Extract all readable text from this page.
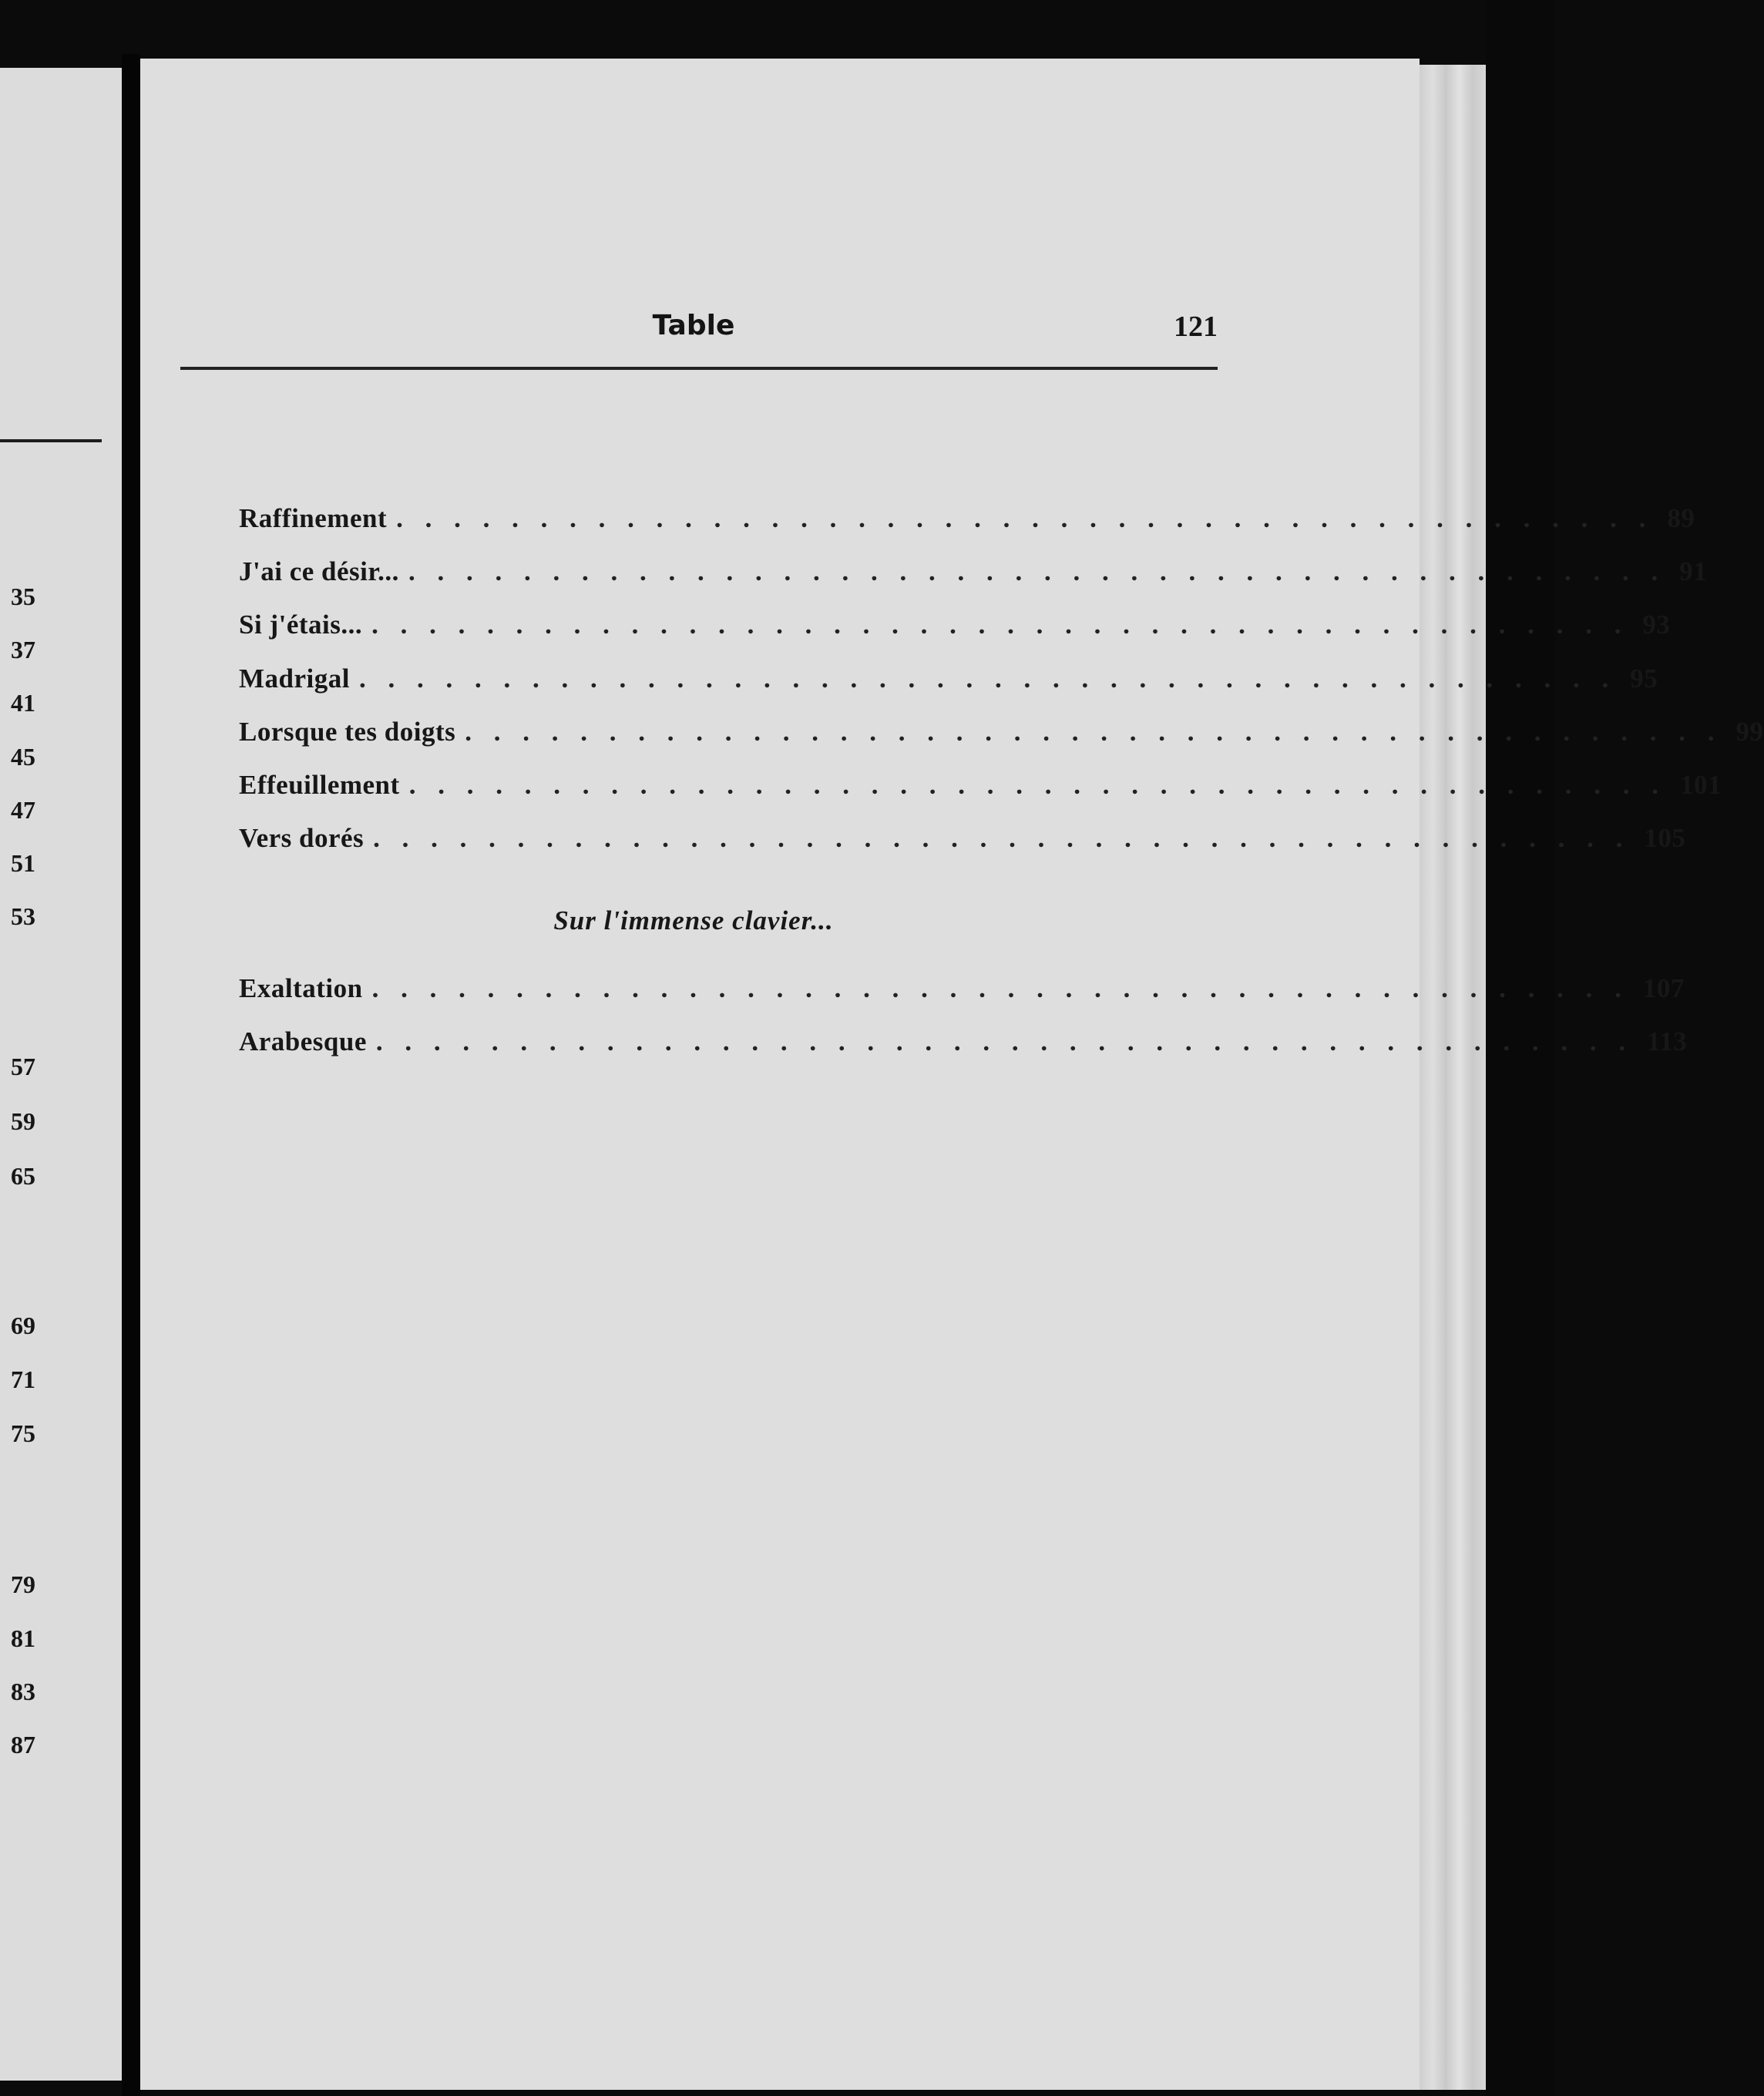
35
37
41
45
47
51
53
57
59
65
69
71
75
79
81
83
87
Table	121
Raffinement . . . . . . . . . . . . . . . . . . . . . . . . . . . . . . . . . . . . . . . . . . . . 89
J'ai ce désir... . . . . . . . . . . . . . . . . . . . . . . . . . . . . . . . . . . . . . . . . . . . . 91
Si j'étais... . . . . . . . . . . . . . . . . . . . . . . . . . . . . . . . . . . . . . . . . . . . . 93
Madrigal . . . . . . . . . . . . . . . . . . . . . . . . . . . . . . . . . . . . . . . . . . . . 95
Lorsque tes doigts . . . . . . . . . . . . . . . . . . . . . . . . . . . . . . . . . . . . . . . . . . . . 99
Effeuillement . . . . . . . . . . . . . . . . . . . . . . . . . . . . . . . . . . . . . . . . . . . . 101
Vers dorés . . . . . . . . . . . . . . . . . . . . . . . . . . . . . . . . . . . . . . . . . . . . 105
Sur l'immense clavier...
Exaltation . . . . . . . . . . . . . . . . . . . . . . . . . . . . . . . . . . . . . . . . . . . . 107
Arabesque . . . . . . . . . . . . . . . . . . . . . . . . . . . . . . . . . . . . . . . . . . . . 113
